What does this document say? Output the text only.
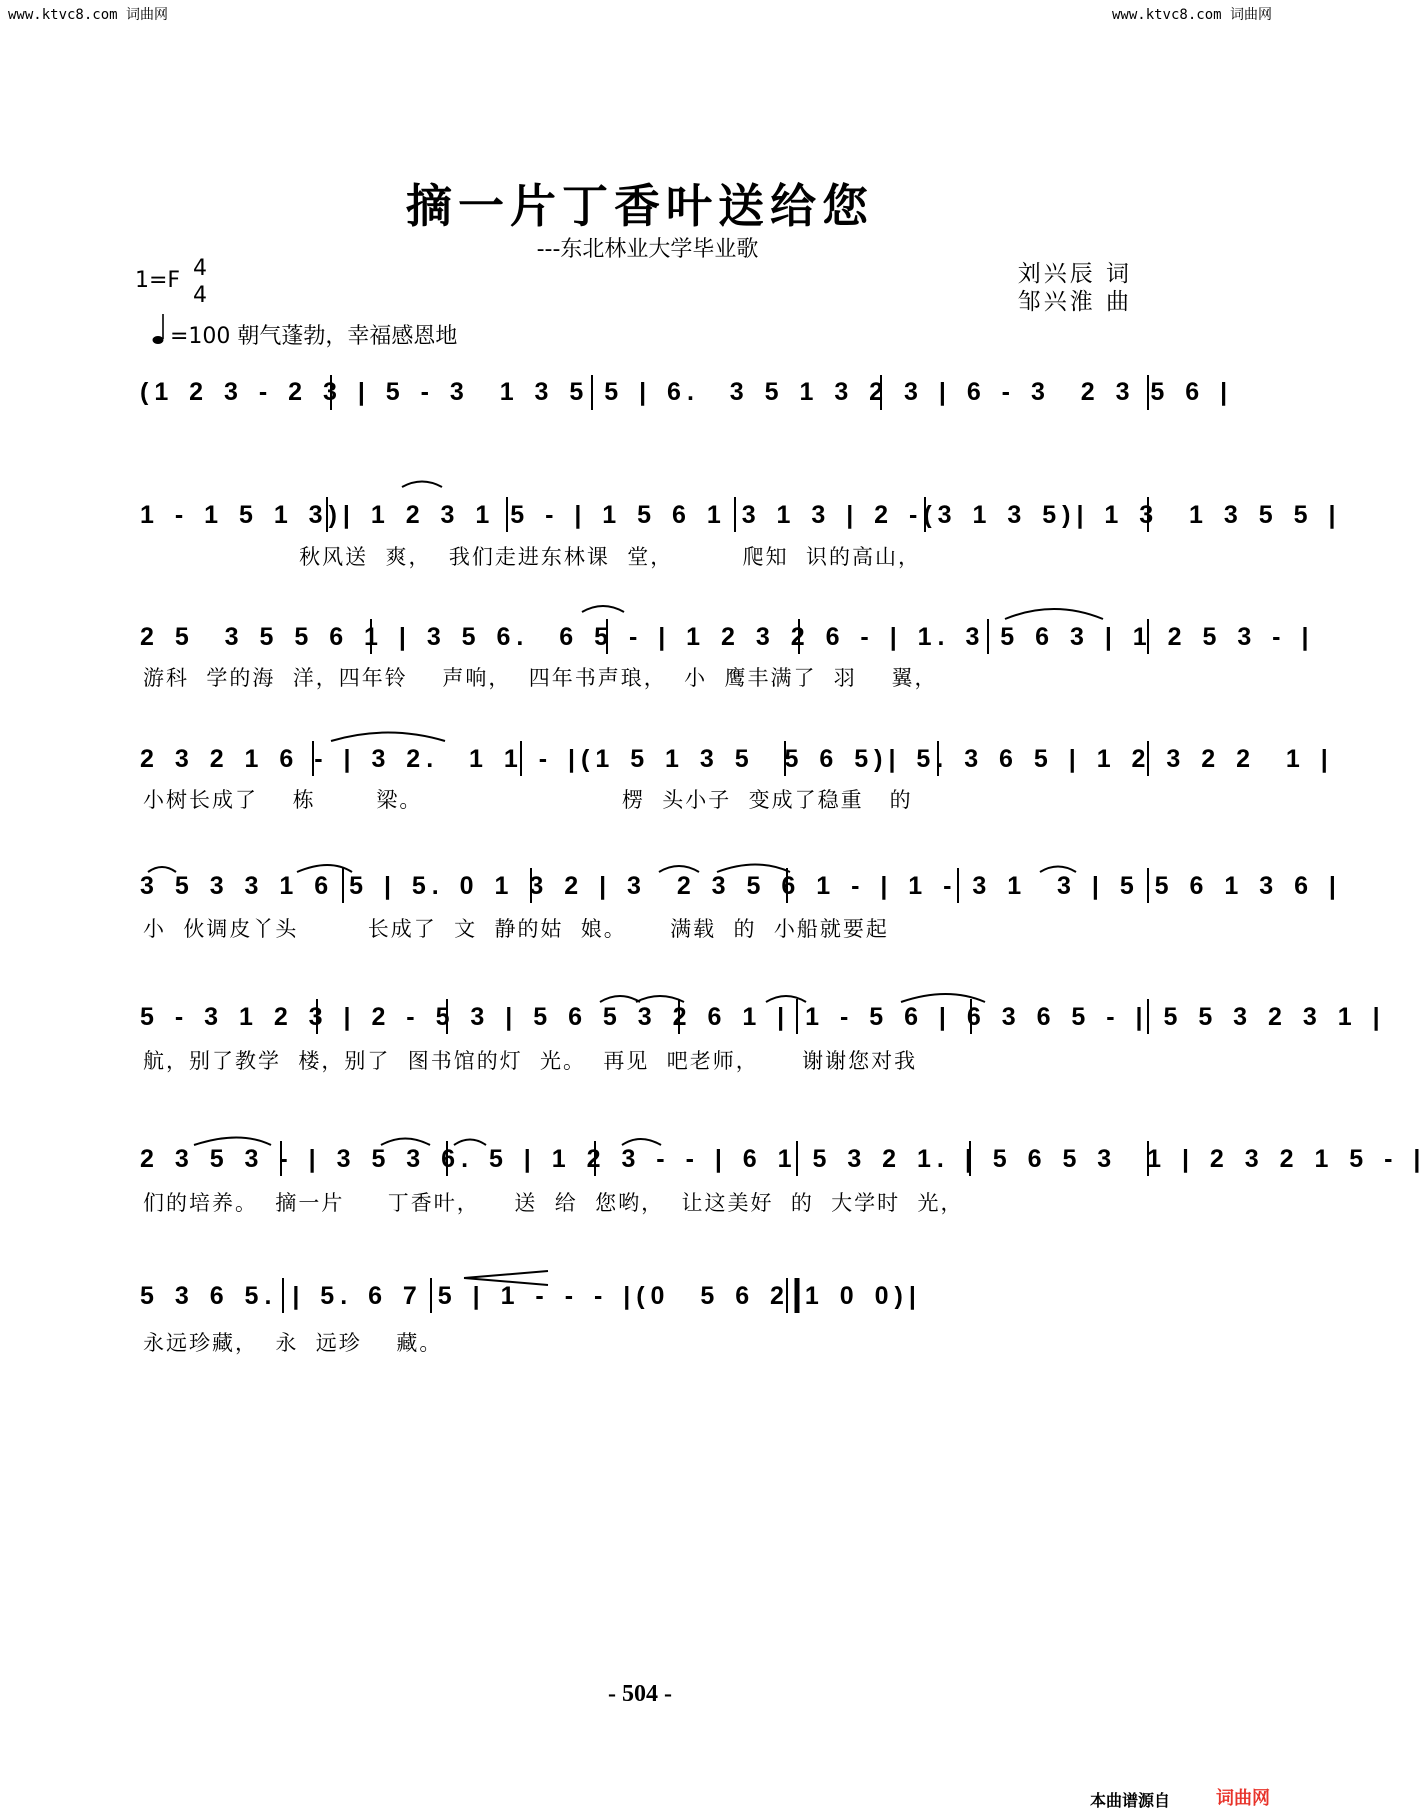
www.ktvc8.com 词曲网	www.ktvc8.com 词曲网
摘一片丁香叶送给您
---东北林业大学毕业歌
刘兴辰 词
邹兴淮 曲
1=F 4
4
=100 朝气蓬勃，幸福感恩地
(1 2 3 - 2 3 | 5 - 3  1 3 5 5 | 6.  3 5 1 3 2 3 | 6 - 3  2 3 5 6 |
1 - 1 5 1 3)| 1 2 3 1 5 - | 1 5 6 1 3 1 3 | 2 -(3 1 3 5)| 1 3  1 3 5 5 |
秋风送  爽，  我们走进东林课  堂，        爬知  识的高山，
2 5  3 5 5 6 1 | 3 5 6.  6 5 - | 1 2 3 2 6 - | 1. 3 5 6 3 | 1 2 5 3 - |
游科  学的海  洋，四年铃    声响，  四年书声琅，  小  鹰丰满了  羽    翼，
2 3 2 1 6 - | 3 2.  1 1 - |(1 5 1 3 5  5 6 5)| 5. 3 6 5 | 1 2 3 2 2  1 |
小树长成了    栋       梁。                       楞  头小子  变成了稳重   的
3 5 3 3 1 6 5 | 5. 0 1 3 2 | 3  2 3 5 6 1 - | 1 - 3 1  3 | 5 5 6 1 3 6 |
小  伙调皮丫头        长成了  文  静的姑  娘。     满载  的  小船就要起
5 - 3 1 2 3 | 2 - 5 3 | 5 6 5 3 2 6 1 | 1 - 5 6 | 6 3 6 5 - | 5 5 3 2 3 1 |
航，别了教学  楼，别了  图书馆的灯  光。  再见  吧老师，     谢谢您对我
2 3 5 3 - | 3 5 3 6. 5 | 1 2 3 - - | 6 1 5 3 2 1. | 5 6 5 3  1 | 2 3 2 1 5 - |
们的培养。  摘一片     丁香叶，    送  给  您哟，  让这美好  的  大学时  光，
5 3 6 5. | 5. 6 7 5 | 1 - - - |(0  5 6 2 1 0 0)|
永远珍藏，  永  远珍    藏。
- 504 -
本曲谱源自	词曲网
